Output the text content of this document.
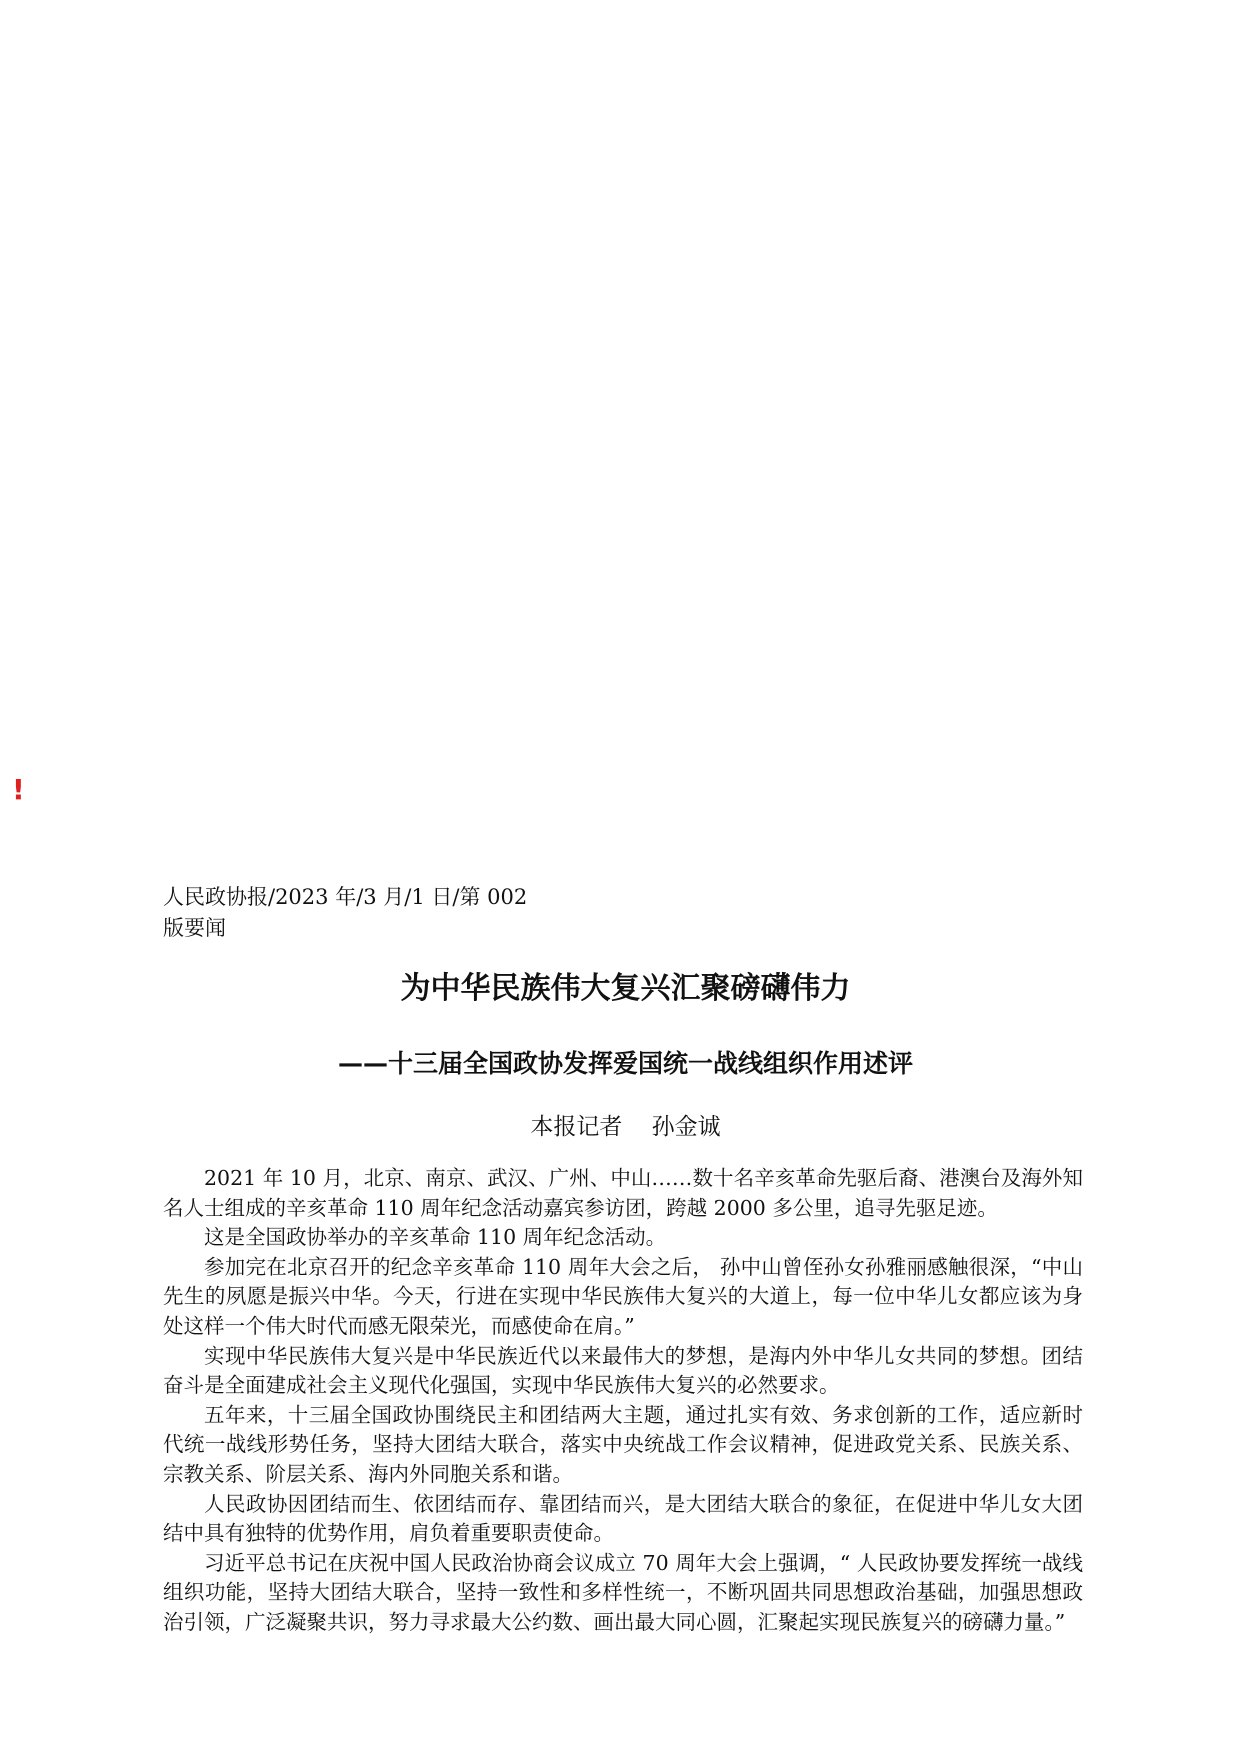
!
人民政协报/2023 年/3 月/1 日/第 002
版要闻
为中华民族伟大复兴汇聚磅礴伟力
——十三届全国政协发挥爱国统一战线组织作用述评
本报记者    孙金诚

2021 年 10 月，北京、南京、武汉、广州、中山……数十名辛亥革命先驱后裔、港澳台及海外知名人士组成的辛亥革命 110 周年纪念活动嘉宾参访团，跨越 2000 多公里，追寻先驱足迹。

这是全国政协举办的辛亥革命 110 周年纪念活动。

参加完在北京召开的纪念辛亥革命 110 周年大会之后， 孙中山曾侄孙女孙雅丽感触很深，“中山先生的夙愿是振兴中华。今天，行进在实现中华民族伟大复兴的大道上，每一位中华儿女都应该为身处这样一个伟大时代而感无限荣光，而感使命在肩。”

实现中华民族伟大复兴是中华民族近代以来最伟大的梦想，是海内外中华儿女共同的梦想。团结奋斗是全面建成社会主义现代化强国，实现中华民族伟大复兴的必然要求。

五年来，十三届全国政协围绕民主和团结两大主题，通过扎实有效、务求创新的工作，适应新时代统一战线形势任务，坚持大团结大联合，落实中央统战工作会议精神，促进政党关系、民族关系、宗教关系、阶层关系、海内外同胞关系和谐。

人民政协因团结而生、依团结而存、靠团结而兴，是大团结大联合的象征，在促进中华儿女大团结中具有独特的优势作用，肩负着重要职责使命。

习近平总书记在庆祝中国人民政治协商会议成立 70 周年大会上强调，“ 人民政协要发挥统一战线组织功能，坚持大团结大联合，坚持一致性和多样性统一，不断巩固共同思想政治基础，加强思想政治引领，广泛凝聚共识，努力寻求最大公约数、画出最大同心圆，汇聚起实现民族复兴的磅礴力量。”
